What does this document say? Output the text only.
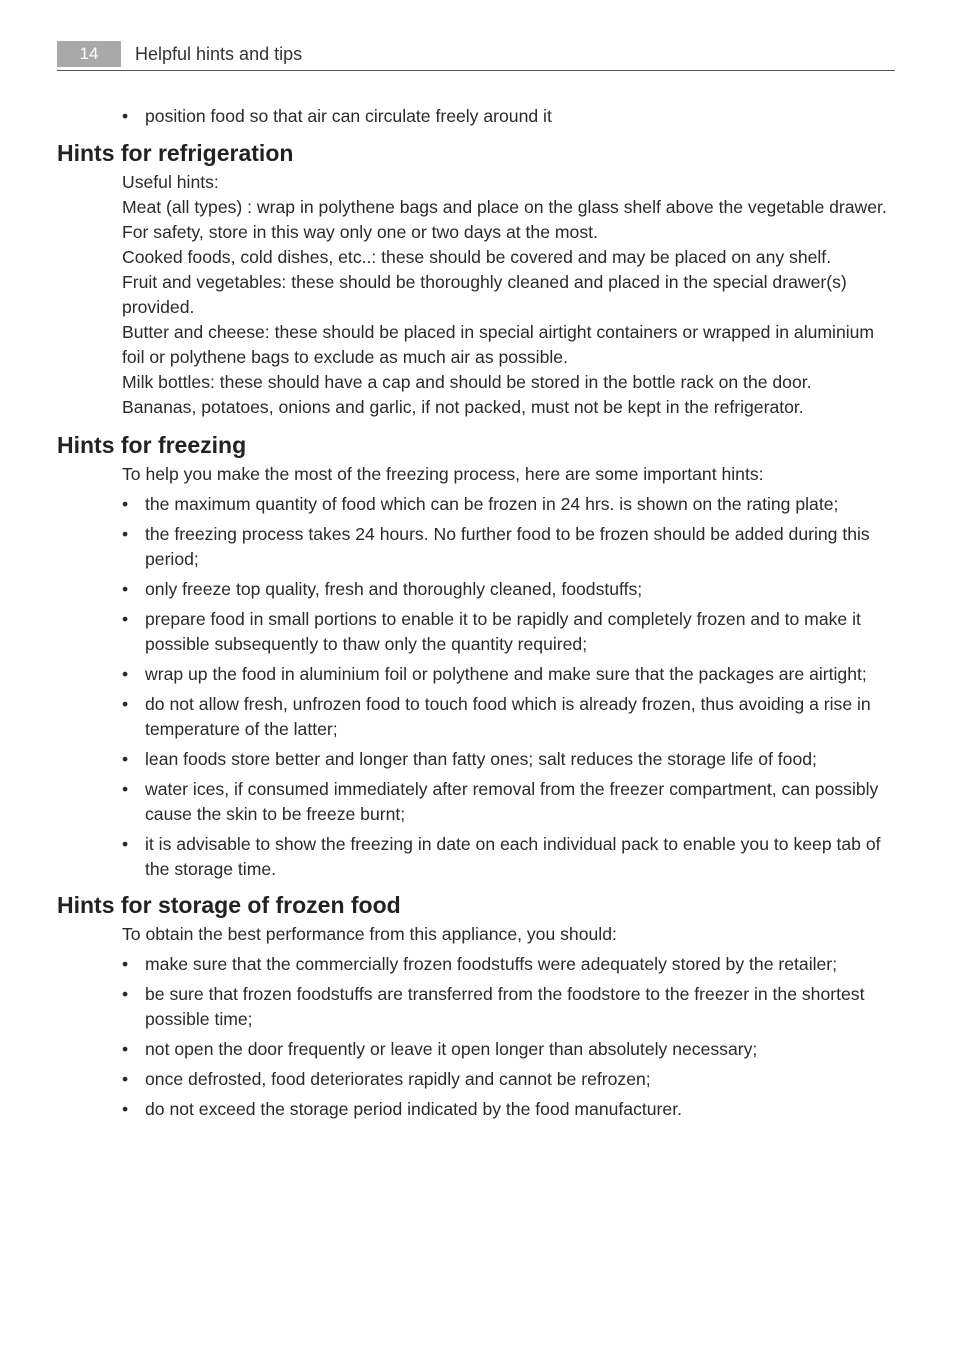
14	Helpful hints and tips
• position food so that air can circulate freely around it
Hints for refrigeration

Useful hints:

Meat (all types) : wrap in polythene bags and place on the glass shelf above the vegetable drawer.

For safety, store in this way only one or two days at the most.

Cooked foods, cold dishes, etc..: these should be covered and may be placed on any shelf.

Fruit and vegetables: these should be thoroughly cleaned and placed in the special drawer(s) provided.

Butter and cheese: these should be placed in special airtight containers or wrapped in aluminium foil or polythene bags to exclude as much air as possible.

Milk bottles: these should have a cap and should be stored in the bottle rack on the door.

Bananas, potatoes, onions and garlic, if not packed, must not be kept in the refrigerator.

Hints for freezing

To help you make the most of the freezing process, here are some important hints:

• the maximum quantity of food which can be frozen in 24 hrs. is shown on the rating plate;
• the freezing process takes 24 hours. No further food to be frozen should be added during this period;
• only freeze top quality, fresh and thoroughly cleaned, foodstuffs;
• prepare food in small portions to enable it to be rapidly and completely frozen and to make it possible subsequently to thaw only the quantity required;
• wrap up the food in aluminium foil or polythene and make sure that the packages are airtight;
• do not allow fresh, unfrozen food to touch food which is already frozen, thus avoiding a rise in temperature of the latter;
• lean foods store better and longer than fatty ones; salt reduces the storage life of food;
• water ices, if consumed immediately after removal from the freezer compartment, can possibly cause the skin to be freeze burnt;
• it is advisable to show the freezing in date on each individual pack to enable you to keep tab of the storage time.
Hints for storage of frozen food

To obtain the best performance from this appliance, you should:

• make sure that the commercially frozen foodstuffs were adequately stored by the retailer;
• be sure that frozen foodstuffs are transferred from the foodstore to the freezer in the shortest possible time;
• not open the door frequently or leave it open longer than absolutely necessary;
• once defrosted, food deteriorates rapidly and cannot be refrozen;
• do not exceed the storage period indicated by the food manufacturer.
